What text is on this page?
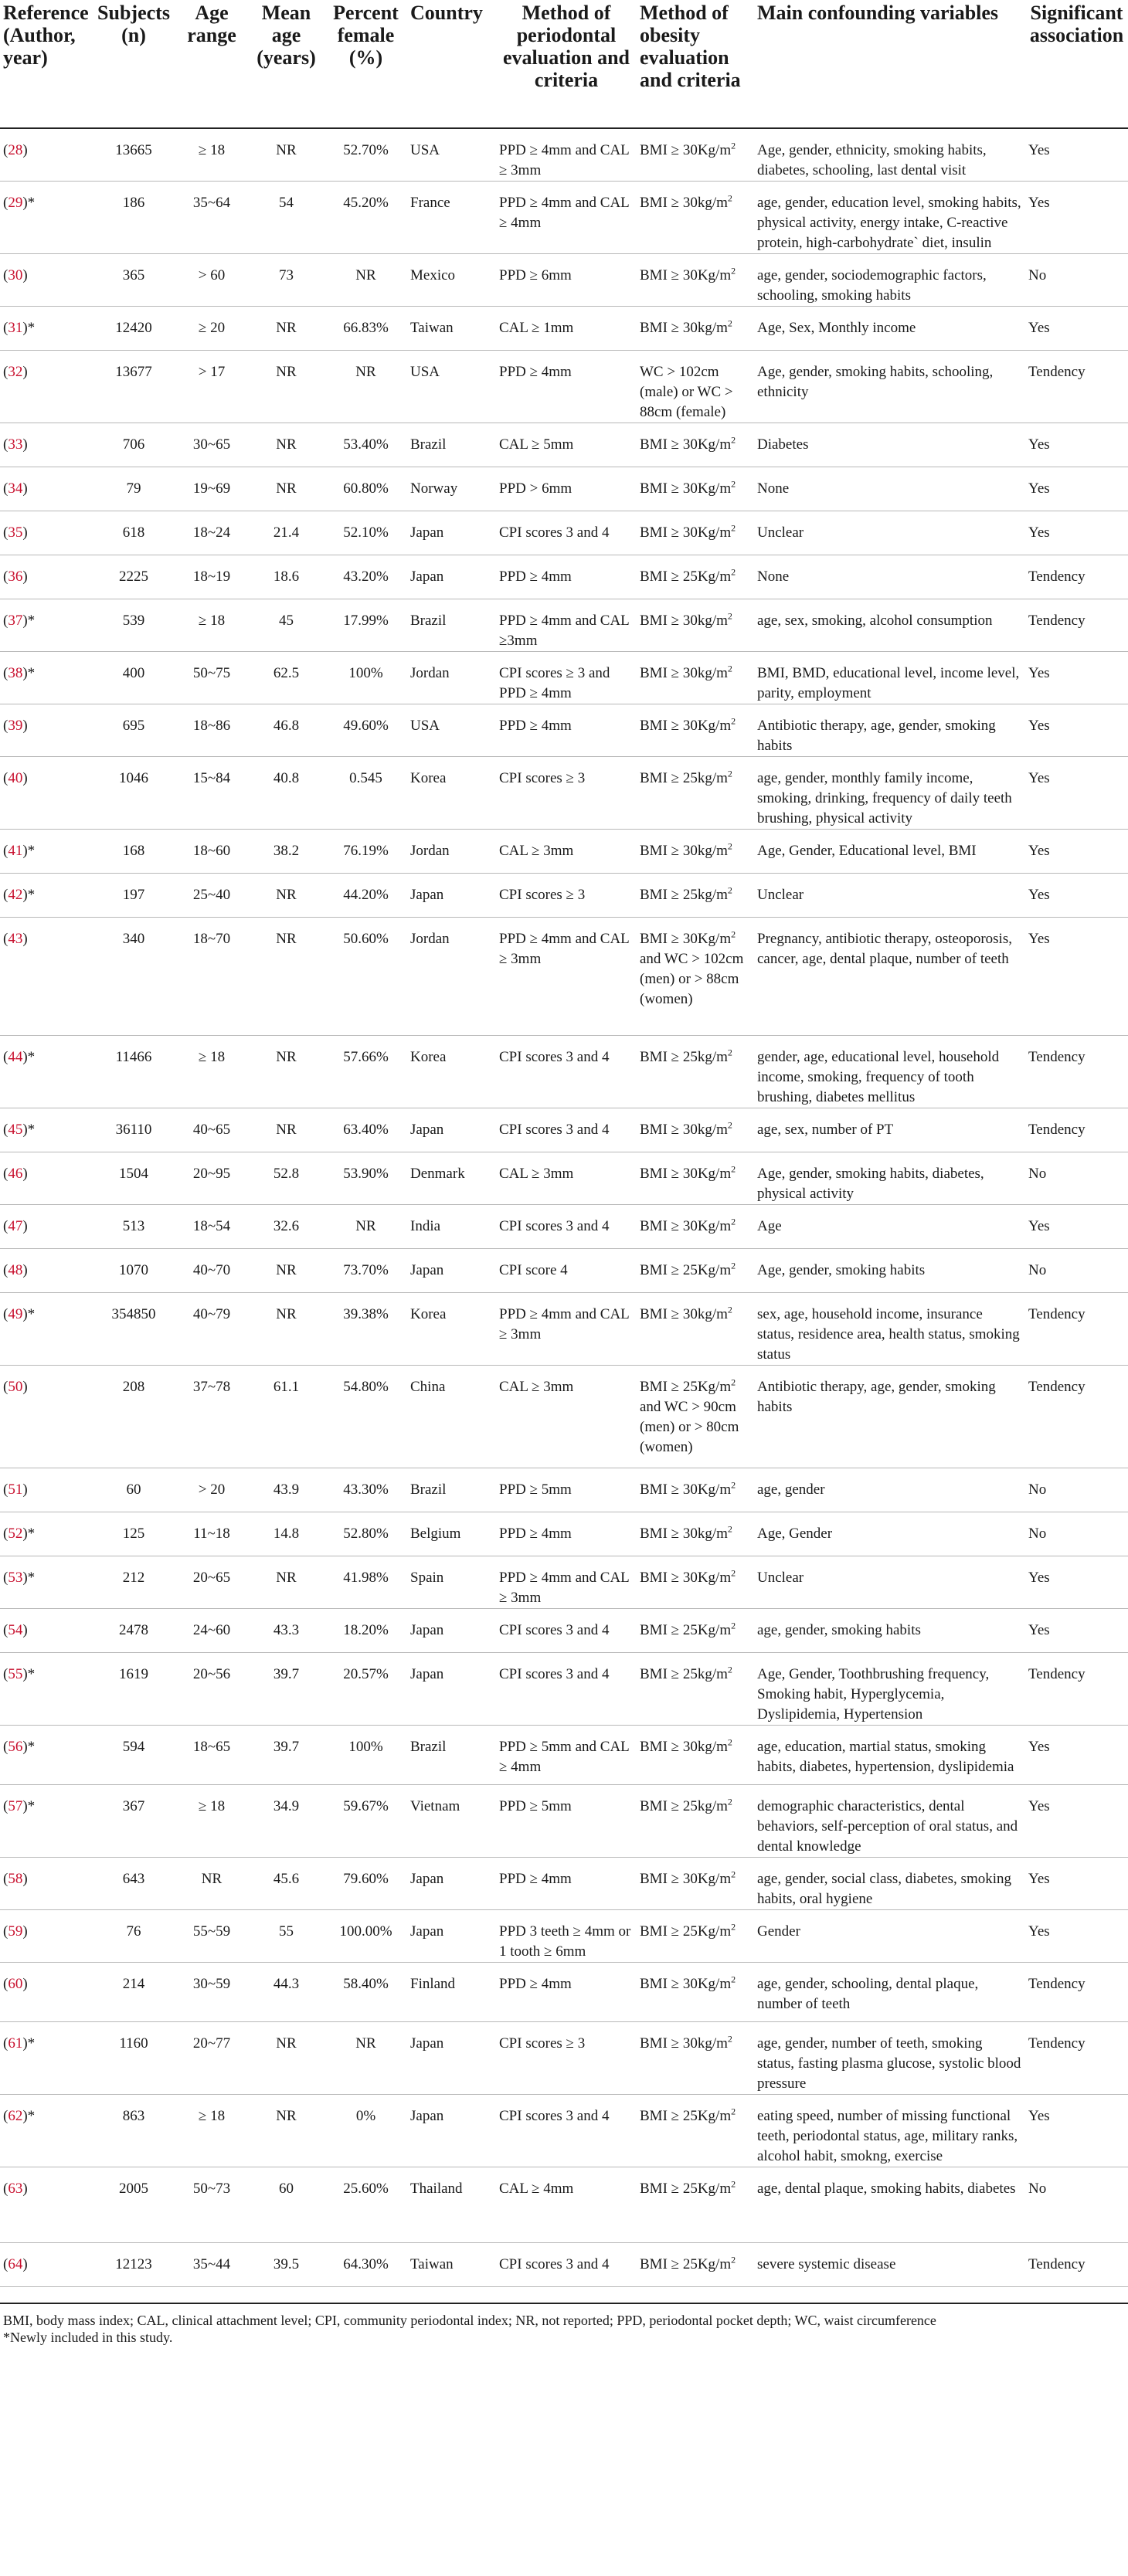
Reference (Author, year)	Subjects (n)	Age range	Mean age (years)	Percent female (%)	Country	Method of periodontal evaluation and criteria	Method of obesity evaluation and criteria	Main confounding variables	Significant association
(28)	13665	≥ 18	NR	52.70%	USA	PPD ≥ 4mm and CAL ≥ 3mm	BMI ≥ $30Kg/m^2$	Age, gender, ethnicity, smoking habits, diabetes, schooling, last dental visit	Yes
(29)*	186	35~64	54	45.20%	France	PPD ≥ 4mm and CAL ≥ 4mm	BMI ≥ $30kg/m^2$	age, gender, education level, smoking habits, physical activity, energy intake, C-reactive protein, high-carbohydrate` diet, insulin	Yes
(30)	365	> 60	73	NR	Mexico	PPD ≥ 6mm	BMI ≥ $30Kg/m^2$	age, gender, sociodemographic factors, schooling, smoking habits	No
(31)*	12420	≥ 20	NR	66.83%	Taiwan	CAL ≥ 1mm	BMI ≥ $30kg/m^2$	Age, Sex, Monthly income	Yes
(32)	13677	> 17	NR	NR	USA	PPD ≥ 4mm	WC > 102cm (male) or WC > 88cm (female)	Age, gender, smoking habits, schooling, ethnicity	Tendency
(33)	706	30~65	NR	53.40%	Brazil	CAL ≥ 5mm	BMI ≥ $30Kg/m^2$	Diabetes	Yes
(34)	79	19~69	NR	60.80%	Norway	PPD > 6mm	BMI ≥ $30Kg/m^2$	None	Yes
(35)	618	18~24	21.4	52.10%	Japan	CPI scores 3 and 4	BMI ≥ $30Kg/m^2$	Unclear	Yes
(36)	2225	18~19	18.6	43.20%	Japan	PPD ≥ 4mm	BMI ≥ $25Kg/m^2$	None	Tendency
(37)*	539	≥ 18	45	17.99%	Brazil	PPD ≥ 4mm and CAL ≥3mm	BMI ≥ $30kg/m^2$	age, sex, smoking, alcohol consumption	Tendency
(38)*	400	50~75	62.5	100%	Jordan	CPI scores ≥ 3 and PPD ≥ 4mm	BMI ≥ $30kg/m^2$	BMI, BMD, educational level, income level, parity, employment	Yes
(39)	695	18~86	46.8	49.60%	USA	PPD ≥ 4mm	BMI ≥ $30Kg/m^2$	Antibiotic therapy, age, gender, smoking habits	Yes
(40)	1046	15~84	40.8	0.545	Korea	CPI scores ≥ 3	BMI ≥ $25kg/m^2$	age, gender, monthly family income, smoking, drinking, frequency of daily teeth brushing, physical activity	Yes
(41)*	168	18~60	38.2	76.19%	Jordan	CAL ≥ 3mm	BMI ≥ $30kg/m^2$	Age, Gender, Educational level, BMI	Yes
(42)*	197	25~40	NR	44.20%	Japan	CPI scores ≥ 3	BMI ≥ $25kg/m^2$	Unclear	Yes
(43)	340	18~70	NR	50.60%	Jordan	PPD ≥ 4mm and CAL ≥ 3mm	BMI ≥ $30Kg/m^2$ and WC > 102cm (men) or > 88cm (women)	Pregnancy, antibiotic therapy, osteoporosis, cancer, age, dental plaque, number of teeth	Yes
(44)*	11466	≥ 18	NR	57.66%	Korea	CPI scores 3 and 4	BMI ≥ $25kg/m^2$	gender, age, educational level, household income, smoking, frequency of tooth brushing, diabetes mellitus	Tendency
(45)*	36110	40~65	NR	63.40%	Japan	CPI scores 3 and 4	BMI ≥ $30kg/m^2$	age, sex, number of PT	Tendency
(46)	1504	20~95	52.8	53.90%	Denmark	CAL ≥ 3mm	BMI ≥ $30Kg/m^2$	Age, gender, smoking habits, diabetes, physical activity	No
(47)	513	18~54	32.6	NR	India	CPI scores 3 and 4	BMI ≥ $30Kg/m^2$	Age	Yes
(48)	1070	40~70	NR	73.70%	Japan	CPI score 4	BMI ≥ $25Kg/m^2$	Age, gender, smoking habits	No
(49)*	354850	40~79	NR	39.38%	Korea	PPD ≥ 4mm and CAL ≥ 3mm	BMI ≥ $30kg/m^2$	sex, age, household income, insurance status, residence area, health status, smoking status	Tendency
(50)	208	37~78	61.1	54.80%	China	CAL ≥ 3mm	BMI ≥ $25Kg/m^2$ and WC > 90cm (men) or > 80cm (women)	Antibiotic therapy, age, gender, smoking habits	Tendency
(51)	60	> 20	43.9	43.30%	Brazil	PPD ≥ 5mm	BMI ≥ $30Kg/m^2$	age, gender	No
(52)*	125	11~18	14.8	52.80%	Belgium	PPD ≥ 4mm	BMI ≥ $30kg/m^2$	Age, Gender	No
(53)*	212	20~65	NR	41.98%	Spain	PPD ≥ 4mm and CAL ≥ 3mm	BMI ≥ $30Kg/m^2$	Unclear	Yes
(54)	2478	24~60	43.3	18.20%	Japan	CPI scores 3 and 4	BMI ≥ $25Kg/m^2$	age, gender, smoking habits	Yes
(55)*	1619	20~56	39.7	20.57%	Japan	CPI scores 3 and 4	BMI ≥ $25kg/m^2$	Age, Gender, Toothbrushing frequency, Smoking habit, Hyperglycemia, Dyslipidemia, Hypertension	Tendency
(56)*	594	18~65	39.7	100%	Brazil	PPD ≥ 5mm and CAL ≥ 4mm	BMI ≥ $30kg/m^2$	age, education, martial status, smoking habits, diabetes, hypertension, dyslipidemia	Yes
(57)*	367	≥ 18	34.9	59.67%	Vietnam	PPD ≥ 5mm	BMI ≥ $25kg/m^2$	demographic characteristics, dental behaviors, self-perception of oral status, and dental knowledge	Yes
(58)	643	NR	45.6	79.60%	Japan	PPD ≥ 4mm	BMI ≥ $30Kg/m^2$	age, gender, social class, diabetes, smoking habits, oral hygiene	Yes
(59)	76	55~59	55	100.00%	Japan	PPD 3 teeth ≥ 4mm or 1 tooth ≥ 6mm	BMI ≥ $25Kg/m^2$	Gender	Yes
(60)	214	30~59	44.3	58.40%	Finland	PPD ≥ 4mm	BMI ≥ $30Kg/m^2$	age, gender, schooling, dental plaque, number of teeth	Tendency
(61)*	1160	20~77	NR	NR	Japan	CPI scores ≥ 3	BMI ≥ $30kg/m^2$	age, gender, number of teeth, smoking status, fasting plasma glucose, systolic blood pressure	Tendency
(62)*	863	≥ 18	NR	0%	Japan	CPI scores 3 and 4	BMI ≥ $25Kg/m^2$	eating speed, number of missing functional teeth, periodontal status, age, military ranks, alcohol habit, smokng, exercise	Yes
(63)	2005	50~73	60	25.60%	Thailand	CAL ≥ 4mm	BMI ≥ $25Kg/m^2$	age, dental plaque, smoking habits, diabetes	No
(64)	12123	35~44	39.5	64.30%	Taiwan	CPI scores 3 and 4	BMI ≥ $25Kg/m^2$	severe systemic disease	Tendency
BMI, body mass index; CAL, clinical attachment level; CPI, community periodontal index; NR, not reported; PPD, periodontal pocket depth; WC, waist circumference
*Newly included in this study.
